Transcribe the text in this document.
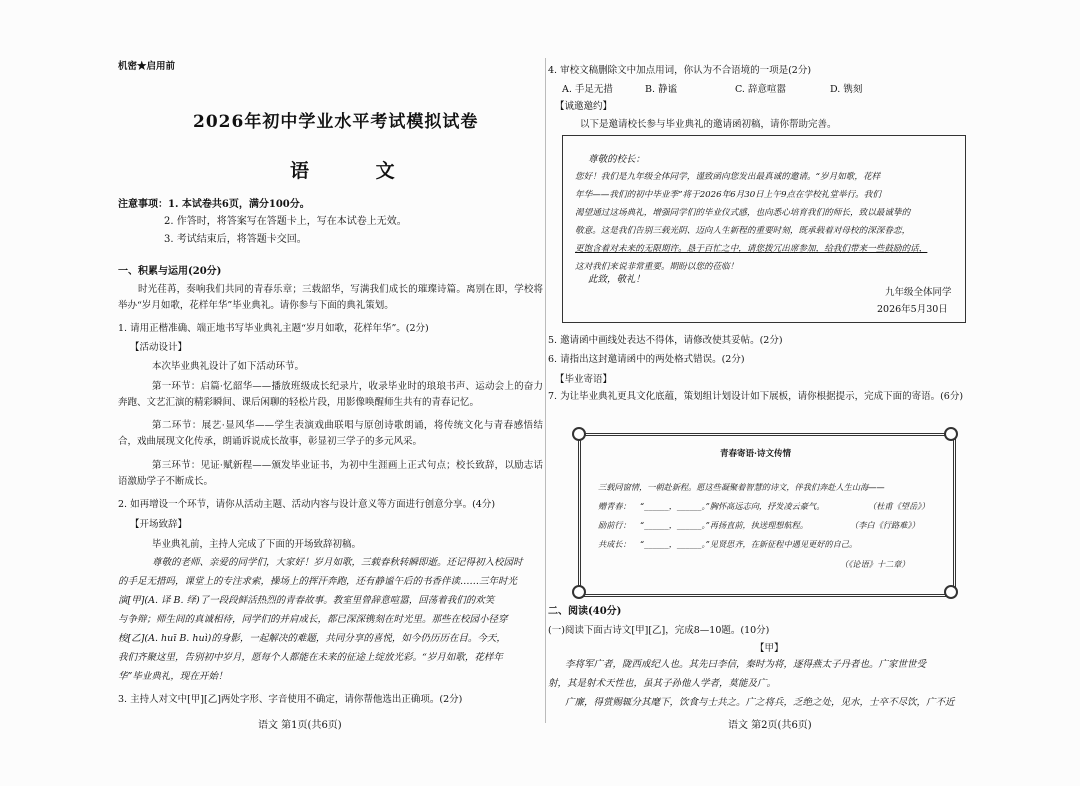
机密★启用前
2026年初中学业水平考试模拟试卷
语 文
注意事项：1. 本试卷共6页，满分100分。
2. 作答时，将答案写在答题卡上，写在本试卷上无效。
3. 考试结束后，将答题卡交回。
一、积累与运用(20分)
时光荏苒，奏响我们共同的青春乐章；三载韶华，写满我们成长的璀璨诗篇。离别在即，学校将举办“岁月如歌，花样年华”毕业典礼。请你参与下面的典礼策划。
1. 请用正楷准确、端正地书写毕业典礼主题“岁月如歌，花样年华”。(2分)
【活动设计】
本次毕业典礼设计了如下活动环节。
第一环节：启篇·忆韶华——播放班级成长纪录片，收录毕业时的琅琅书声、运动会上的奋力奔跑、文艺汇演的精彩瞬间、课后闲聊的轻松片段，用影像唤醒师生共有的青春记忆。
第二环节：展艺·显风华——学生表演戏曲联唱与原创诗歌朗诵，将传统文化与青春感悟结合，戏曲展现文化传承，朗诵诉说成长故事，彰显初三学子的多元风采。
第三环节：见证·赋新程——颁发毕业证书，为初中生涯画上正式句点；校长致辞，以励志话语激励学子不断成长。
2. 如再增设一个环节，请你从活动主题、活动内容与设计意义等方面进行创意分享。(4分)
【开场致辞】
毕业典礼前，主持人完成了下面的开场致辞初稿。
尊敬的老师、亲爱的同学们，大家好！岁月如歌，三载春秋转瞬即逝。还记得初入校园时
的手足无措吗，课堂上的专注求索，操场上的挥汗奔跑，还有静谧午后的书香伴读……三年时光
演[甲](A. 译 B. 绎)了一段段鲜活热烈的青春故事。教室里曾辞意喧嚣，回荡着我们的欢笑
与争辩；师生间的真诚相待，同学们的并肩成长，都已深深镌刻在时光里。那些在校园小径穿
梭[乙](A. huī B. huì)的身影，一起解决的难题，共同分享的喜悦，如今仍历历在目。今天，
我们齐聚这里，告别初中岁月，愿每个人都能在未来的征途上绽放光彩。“岁月如歌，花样年
华”毕业典礼，现在开始！
3. 主持人对文中[甲][乙]两处字形、字音使用不确定，请你帮他选出正确项。(2分)
语文 第1页(共6页)
4. 审校文稿删除文中加点用词，你认为不合语境的一项是(2分)
A. 手足无措	B. 静谧	C. 辞意喧嚣	D. 镌刻
【诚邀邀约】
以下是邀请校长参与毕业典礼的邀请函初稿，请你帮助完善。
尊敬的校长：
您好！我们是九年级全体同学，谨致函向您发出最真诚的邀请。“岁月如歌，花样
年华——我们的初中毕业季”将于2026年6月30日上午9点在学校礼堂举行。我们
渴望通过这场典礼，增强同学们的毕业仪式感，也向悉心培育我们的师长，致以最诚挚的
敬意。这是我们告别三载光阴、迈向人生新程的重要时刻，既承载着对母校的深深眷恋，
更饱含着对未来的无限期许。恳于百忙之中，请您拨冗出席参加，给我们带来一些鼓励的话，
这对我们来说非常重要。期盼以您的莅临！
此致，敬礼！
九年级全体同学
2026年5月30日
5. 邀请函中画线处表达不得体，请修改使其妥帖。(2分)
6. 请指出这封邀请函中的两处格式错误。(2分)
【毕业寄语】
7. 为让毕业典礼更具文化底蕴，策划组计划设计如下展板，请你根据提示，完成下面的寄语。(6分)
青春寄语·诗文传情
三载同窗情，一朝赴新程。愿这些凝聚着智慧的诗文，伴我们奔赴人生山海——
赠青春： “______，______。”胸怀高远志向，抒发凌云豪气。	（杜甫《望岳》）
励前行： “______，______。”再扬直前，执送理想航程。	（李白《行路难》）
共成长： “______，______。”见贤思齐，在新征程中遇见更好的自己。
（《论语》十二章）
二、阅读(40分)
(一)阅读下面古诗文[甲][乙]，完成8—10题。(10分)
【甲】
李将军广者，陇西成纪人也。其先曰李信，秦时为将，逐得燕太子丹者也。广家世世受
射，其是射术天性也，虽其子孙他人学者，莫能及广。
广廉，得赏赐辄分其麾下，饮食与士共之。广之将兵，乏绝之处，见水，士卒不尽饮，广不近
语文 第2页(共6页)
